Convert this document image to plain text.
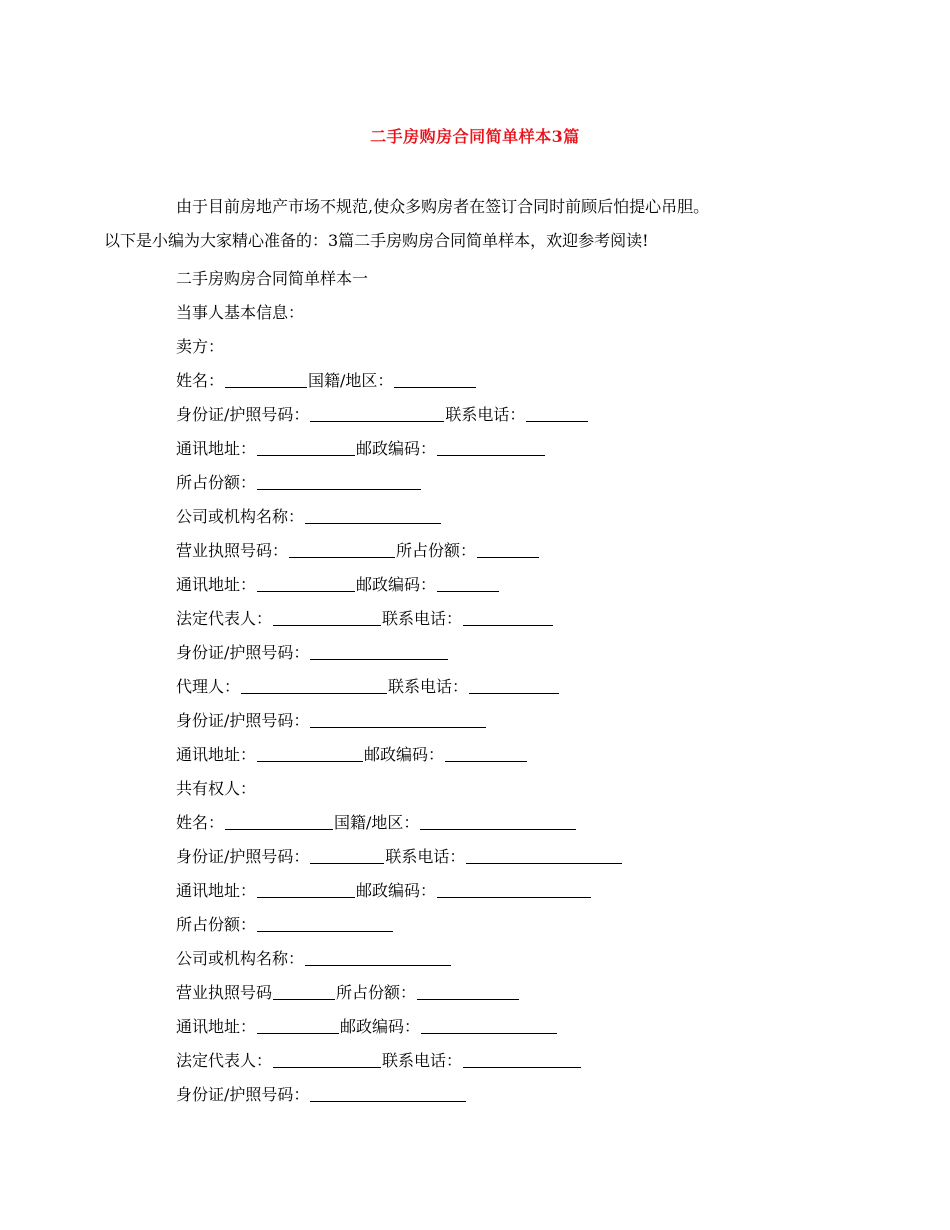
二手房购房合同简单样本3篇
由于目前房地产市场不规范,使众多购房者在签订合同时前顾后怕提心吊胆。
以下是小编为大家精心准备的：3篇二手房购房合同简单样本，欢迎参考阅读!
二手房购房合同简单样本一
当事人基本信息：
卖方：
姓名：	国籍/地区：
身份证/护照号码：	联系电话：
通讯地址：	邮政编码：
所占份额：
公司或机构名称：
营业执照号码：	所占份额：
通讯地址：	邮政编码：
法定代表人：	联系电话：
身份证/护照号码：
代理人：	联系电话：
身份证/护照号码：
通讯地址：	邮政编码：
共有权人：
姓名：	国籍/地区：
身份证/护照号码：	联系电话：
通讯地址：	邮政编码：
所占份额：
公司或机构名称：
营业执照号码	所占份额：
通讯地址：	邮政编码：
法定代表人：	联系电话：
身份证/护照号码：
